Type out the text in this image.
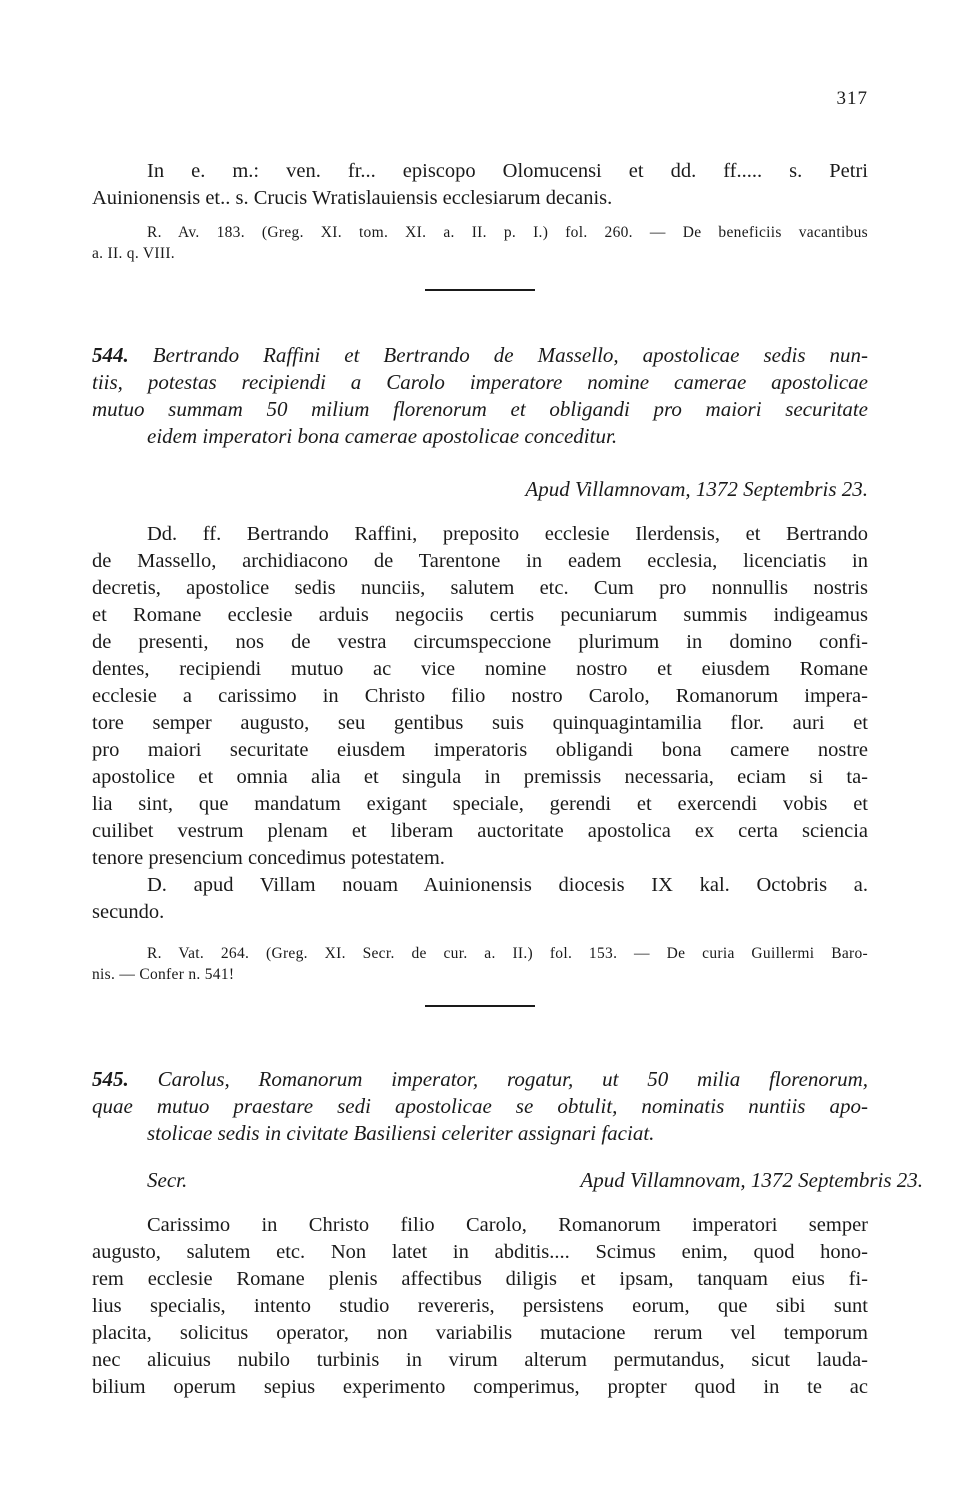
317
In e. m.: ven. fr... episcopo Olomucensi et dd. ff..... s. Petri
Auinionensis et.. s. Crucis Wratislauiensis ecclesiarum decanis.
R. Av. 183. (Greg. XI. tom. XI. a. II. p. I.) fol. 260. — De beneficiis vacantibus
a. II. q. VIII.
544. Bertrando Raffini et Bertrando de Massello, apostolicae sedis nun-
tiis, potestas recipiendi a Carolo imperatore nomine camerae apostolicae
mutuo summam 50 milium florenorum et obligandi pro maiori securitate
eidem imperatori bona camerae apostolicae conceditur.
Apud Villamnovam, 1372 Septembris 23.
Dd. ff. Bertrando Raffini, preposito ecclesie Ilerdensis, et Bertrando
de Massello, archidiacono de Tarentone in eadem ecclesia, licenciatis in
decretis, apostolice sedis nunciis, salutem etc. Cum pro nonnullis nostris
et Romane ecclesie arduis negociis certis pecuniarum summis indigeamus
de presenti, nos de vestra circumspeccione plurimum in domino confi-
dentes, recipiendi mutuo ac vice nomine nostro et eiusdem Romane
ecclesie a carissimo in Christo filio nostro Carolo, Romanorum impera-
tore semper augusto, seu gentibus suis quinquagintamilia flor. auri et
pro maiori securitate eiusdem imperatoris obligandi bona camere nostre
apostolice et omnia alia et singula in premissis necessaria, eciam si ta-
lia sint, que mandatum exigant speciale, gerendi et exercendi vobis et
cuilibet vestrum plenam et liberam auctoritate apostolica ex certa sciencia
tenore presencium concedimus potestatem.
D. apud Villam nouam Auinionensis diocesis IX kal. Octobris a.
secundo.
R. Vat. 264. (Greg. XI. Secr. de cur. a. II.) fol. 153. — De curia Guillermi Baro-
nis. — Confer n. 541!
545. Carolus, Romanorum imperator, rogatur, ut 50 milia florenorum,
quae mutuo praestare sedi apostolicae se obtulit, nominatis nuntiis apo-
stolicae sedis in civitate Basiliensi celeriter assignari faciat.
Secr.	Apud Villamnovam, 1372 Septembris 23.
Carissimo in Christo filio Carolo, Romanorum imperatori semper
augusto, salutem etc. Non latet in abditis.... Scimus enim, quod hono-
rem ecclesie Romane plenis affectibus diligis et ipsam, tanquam eius fi-
lius specialis, intento studio revereris, persistens eorum, que sibi sunt
placita, solicitus operator, non variabilis mutacione rerum vel temporum
nec alicuius nubilo turbinis in virum alterum permutandus, sicut lauda-
bilium operum sepius experimento comperimus, propter quod in te ac
